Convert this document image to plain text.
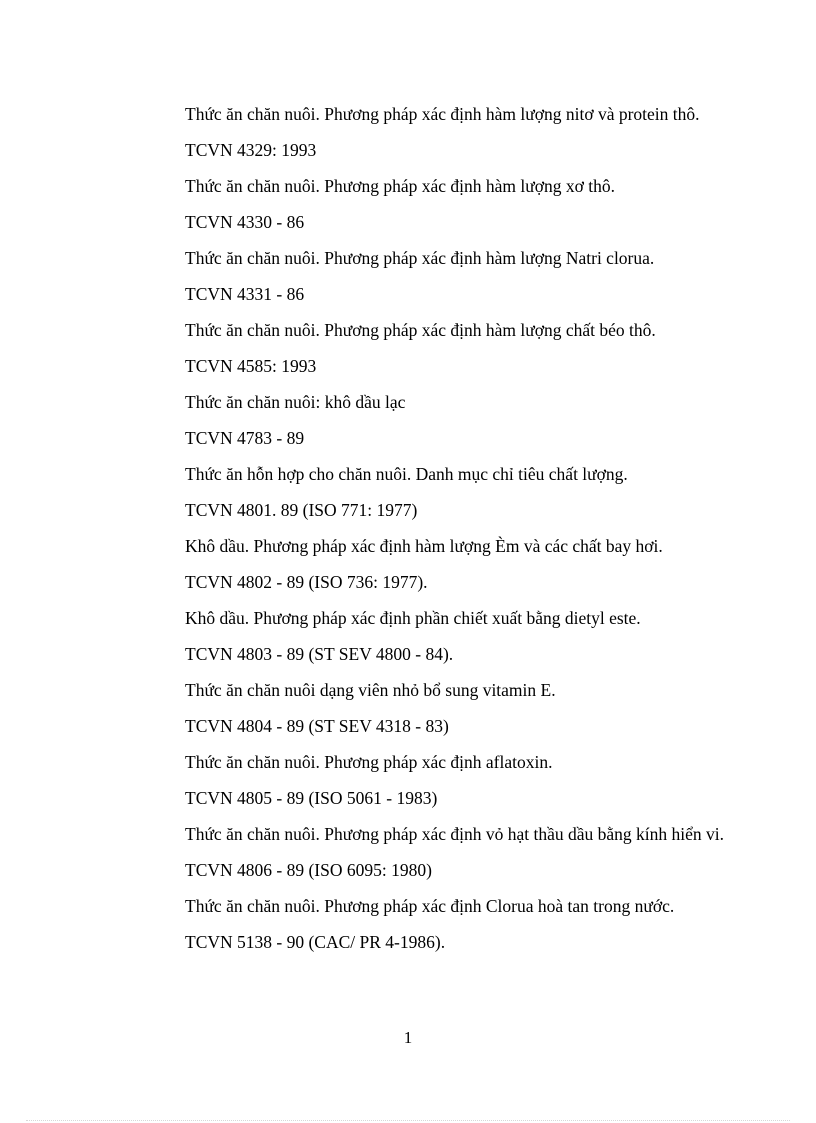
Thức ăn chăn nuôi. Phương pháp xác định hàm lượng nitơ và protein thô.

TCVN 4329: 1993

Thức ăn chăn nuôi. Phương pháp xác định hàm lượng xơ thô.

TCVN 4330 - 86

Thức ăn chăn nuôi. Phương pháp xác định hàm lượng Natri clorua.

TCVN 4331 - 86

Thức ăn chăn nuôi. Phương pháp xác định hàm lượng chất béo thô.

TCVN 4585: 1993

Thức ăn chăn nuôi: khô dầu lạc

TCVN 4783 - 89

Thức ăn hỗn hợp cho chăn nuôi. Danh mục chỉ tiêu chất lượng.

TCVN 4801. 89 (ISO 771: 1977)

Khô dầu. Phương pháp xác định hàm lượng Èm và các chất bay hơi.

TCVN 4802 - 89 (ISO 736: 1977).

Khô dầu. Phương pháp xác định phần chiết xuất bằng dietyl este.

TCVN 4803 - 89 (ST SEV 4800 - 84).

Thức ăn chăn nuôi dạng viên nhỏ bổ sung vitamin E.

TCVN 4804 - 89 (ST SEV 4318 - 83)

Thức ăn chăn nuôi. Phương pháp xác định aflatoxin.

TCVN 4805 - 89 (ISO 5061 - 1983)

Thức ăn chăn nuôi. Phương pháp xác định vỏ hạt thầu dầu bằng kính hiển vi.

TCVN 4806 - 89 (ISO 6095: 1980)

Thức ăn chăn nuôi. Phương pháp xác định Clorua hoà tan trong nước.

TCVN 5138 - 90 (CAC/ PR 4-1986).

1
